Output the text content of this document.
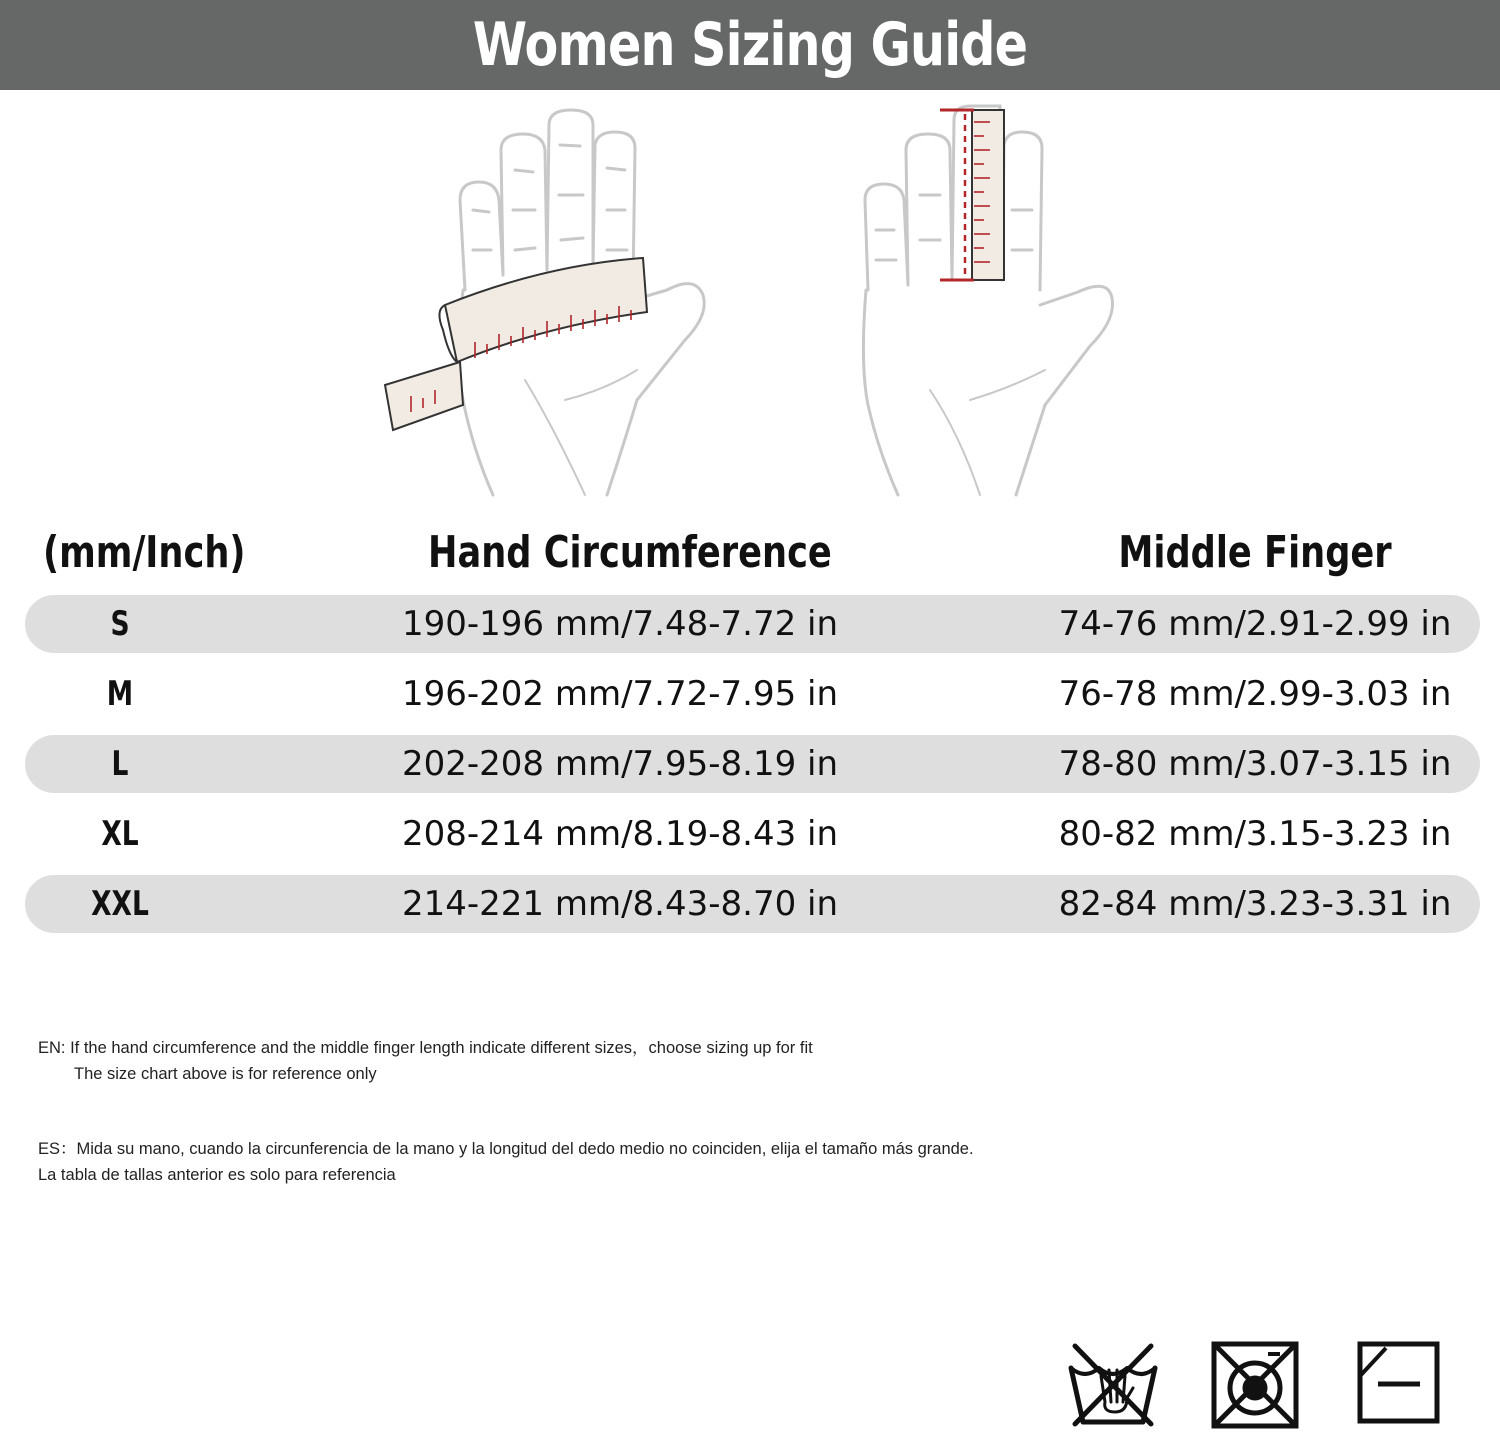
Women Sizing Guide
(mm/Inch)	Hand Circumference	Middle Finger
S	190-196 mm/7.48-7.72 in	74-76 mm/2.91-2.99 in
M	196-202 mm/7.72-7.95 in	76-78 mm/2.99-3.03 in
L	202-208 mm/7.95-8.19 in	78-80 mm/3.07-3.15 in
XL	208-214 mm/8.19-8.43 in	80-82 mm/3.15-3.23 in
XXL	214-221 mm/8.43-8.70 in	82-84 mm/3.23-3.31 in
EN: If the hand circumference and the middle finger length indicate different sizes，choose sizing up for fit
The size chart above is for reference only
ES：Mida su mano, cuando la circunferencia de la mano y la longitud del dedo medio no coinciden, elija el tamaño más grande.
La tabla de tallas anterior es solo para referencia
